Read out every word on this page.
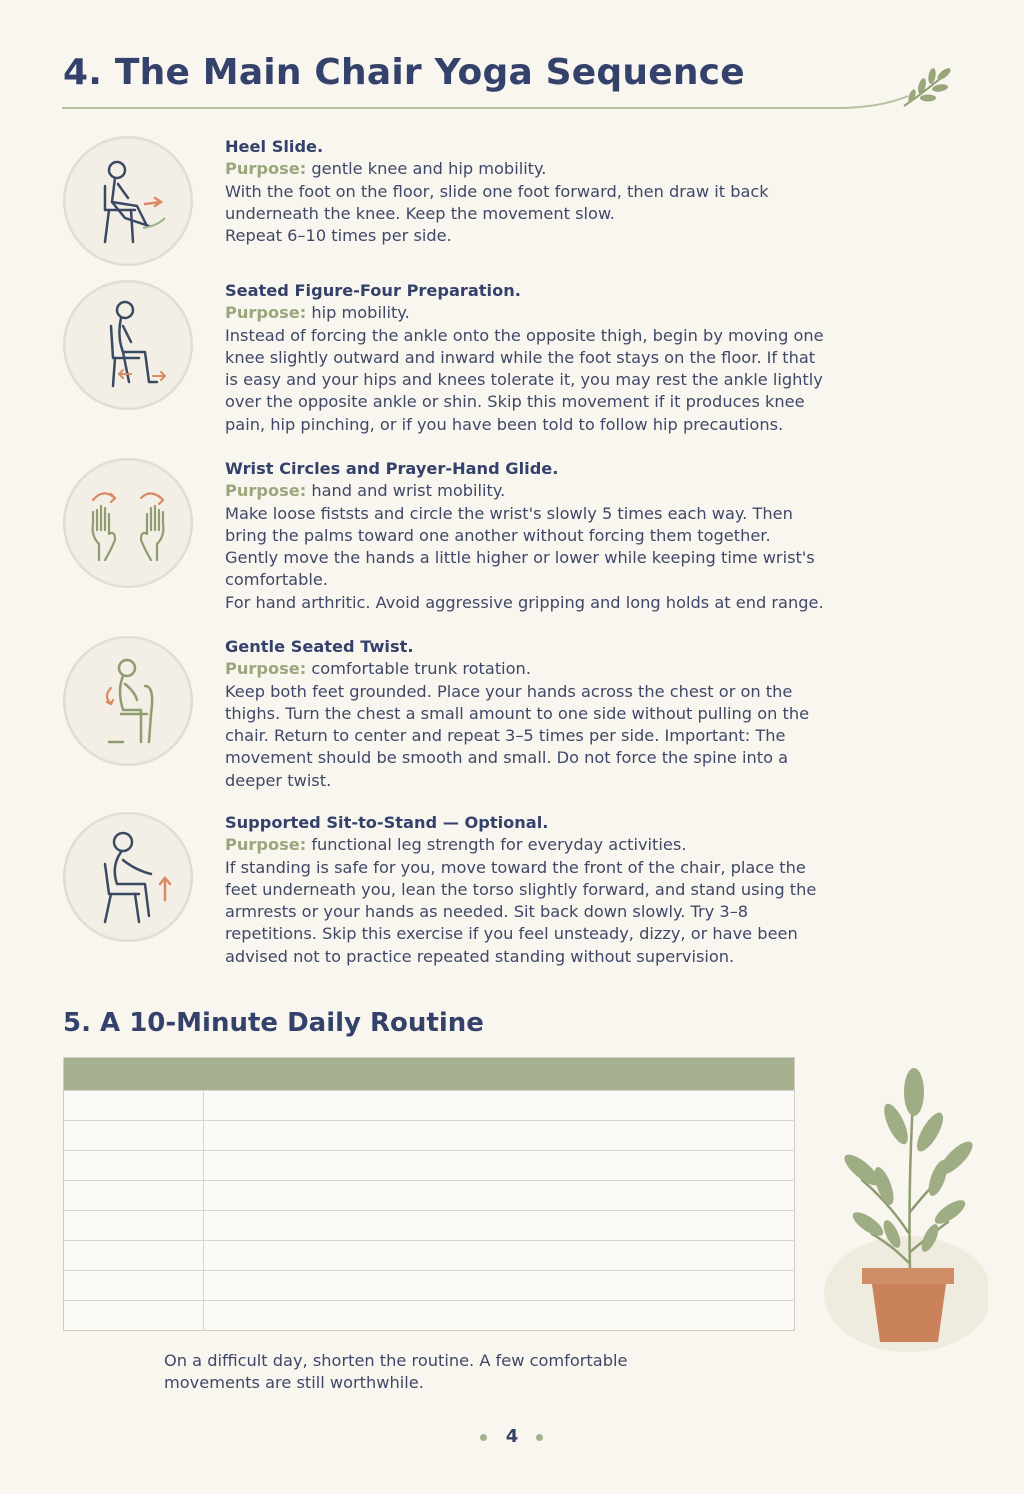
4. The Main Chair Yoga Sequence
Heel Slide.
Purpose: gentle knee and hip mobility.
With the foot on the floor, slide one foot forward, then draw it back
underneath the knee. Keep the movement slow.
Repeat 6–10 times per side.
Seated Figure-Four Preparation.
Purpose: hip mobility.
Instead of forcing the ankle onto the opposite thigh, begin by moving one
knee slightly outward and inward while the foot stays on the floor. If that
is easy and your hips and knees tolerate it, you may rest the ankle lightly
over the opposite ankle or shin. Skip this movement if it produces knee
pain, hip pinching, or if you have been told to follow hip precautions.
Wrist Circles and Prayer-Hand Glide.
Purpose: hand and wrist mobility.
Make loose fiststs and circle the wrist's slowly 5 times each way. Then
bring the palms toward one another without forcing them together.
Gently move the hands a little higher or lower while keeping time wrist's
comfortable.
For hand arthritic. Avoid aggressive gripping and long holds at end range.
Gentle Seated Twist.
Purpose: comfortable trunk rotation.
Keep both feet grounded. Place your hands across the chest or on the
thighs. Turn the chest a small amount to one side without pulling on the
chair. Return to center and repeat 3–5 times per side. Important: The
movement should be smooth and small. Do not force the spine into a
deeper twist.
Supported Sit-to-Stand — Optional.
Purpose: functional leg strength for everyday activities.
If standing is safe for you, move toward the front of the chair, place the
feet underneath you, lean the torso slightly forward, and stand using the
armrests or your hands as needed. Sit back down slowly. Try 3–8
repetitions. Skip this exercise if you feel unsteady, dizzy, or have been
advised not to practice repeated standing without supervision.
5. A 10-Minute Daily Routine

On a difficult day, shorten the routine. A few comfortable
movements are still worthwhile.
4
